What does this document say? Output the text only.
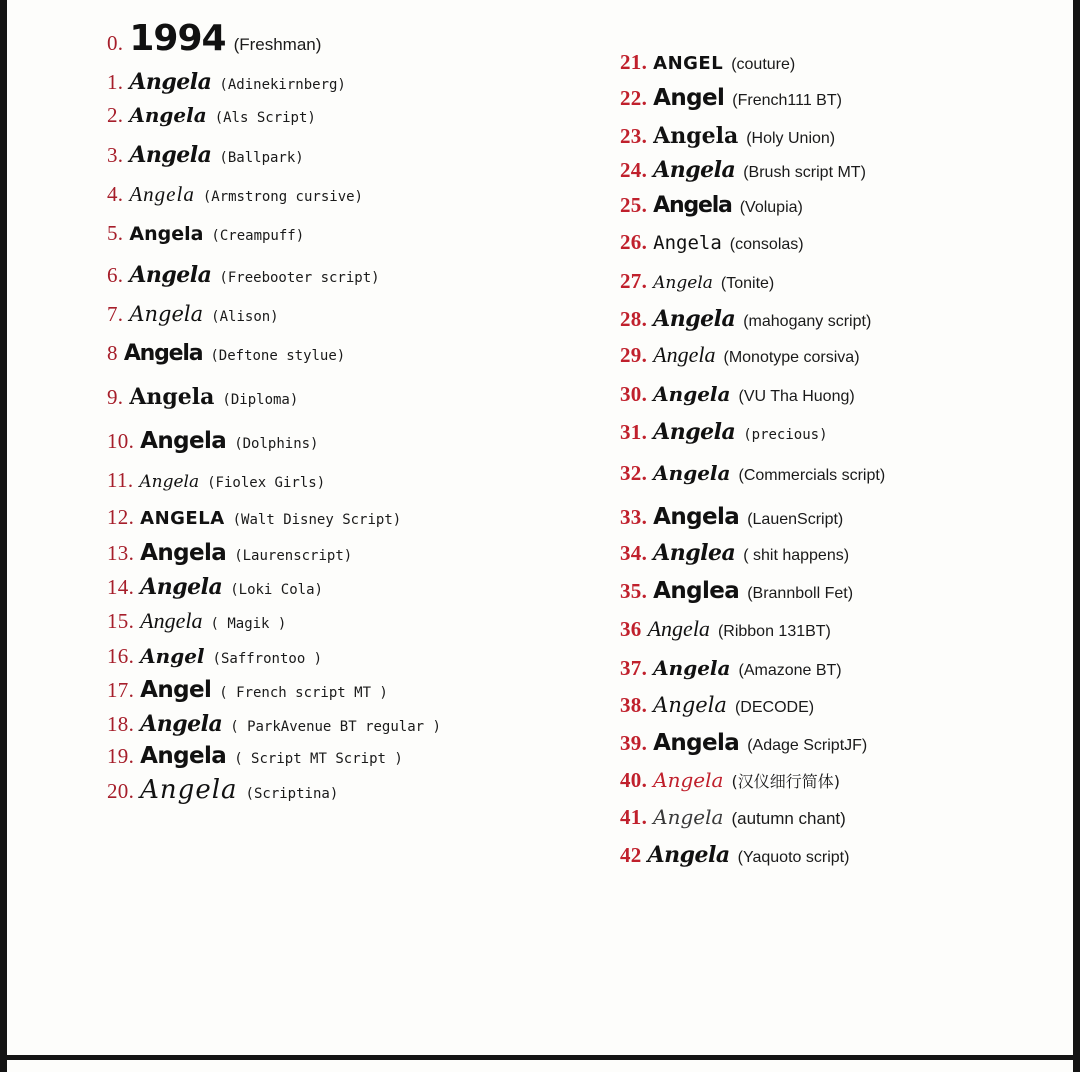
0. 1994 (Freshman)
1. Angela (Adinekirnberg)
2. Angela (Als Script)
3. Angela (Ballpark)
4. Angela (Armstrong cursive)
5. Angela (Creampuff)
6. Angela (Freebooter script)
7. Angela (Alison)
8 Angela (Deftone stylue)
9. Angela (Diploma)
10. Angela (Dolphins)
11. Angela (Fiolex Girls)
12. ANGELA (Walt Disney Script)
13. Angela (Laurenscript)
14. Angela (Loki Cola)
15. Angela ( Magik )
16. Angel (Saffrontoo )
17. Angel ( French script MT )
18. Angela ( ParkAvenue BT regular )
19. Angela ( Script MT Script )
20. Angela (Scriptina)
21. ANGEL (couture)
22. Angel (French111 BT)
23. Angela (Holy Union)
24. Angela (Brush script MT)
25. Angela (Volupia)
26. Angela (consolas)
27. Angela (Tonite)
28. Angela (mahogany script)
29. Angela (Monotype corsiva)
30. Angela (VU Tha Huong)
31. Angela (precious)
32. Angela (Commercials script)
33. Angela (LauenScript)
34. Anglea ( shit happens)
35. Anglea (Brannboll Fet)
36 Angela (Ribbon 131BT)
37. Angela (Amazone BT)
38. Angela (DECODE)
39. Angela (Adage ScriptJF)
40. Angela (汉仪细行简体)
41. Angela (autumn chant)
42 Angela (Yaquoto script)
